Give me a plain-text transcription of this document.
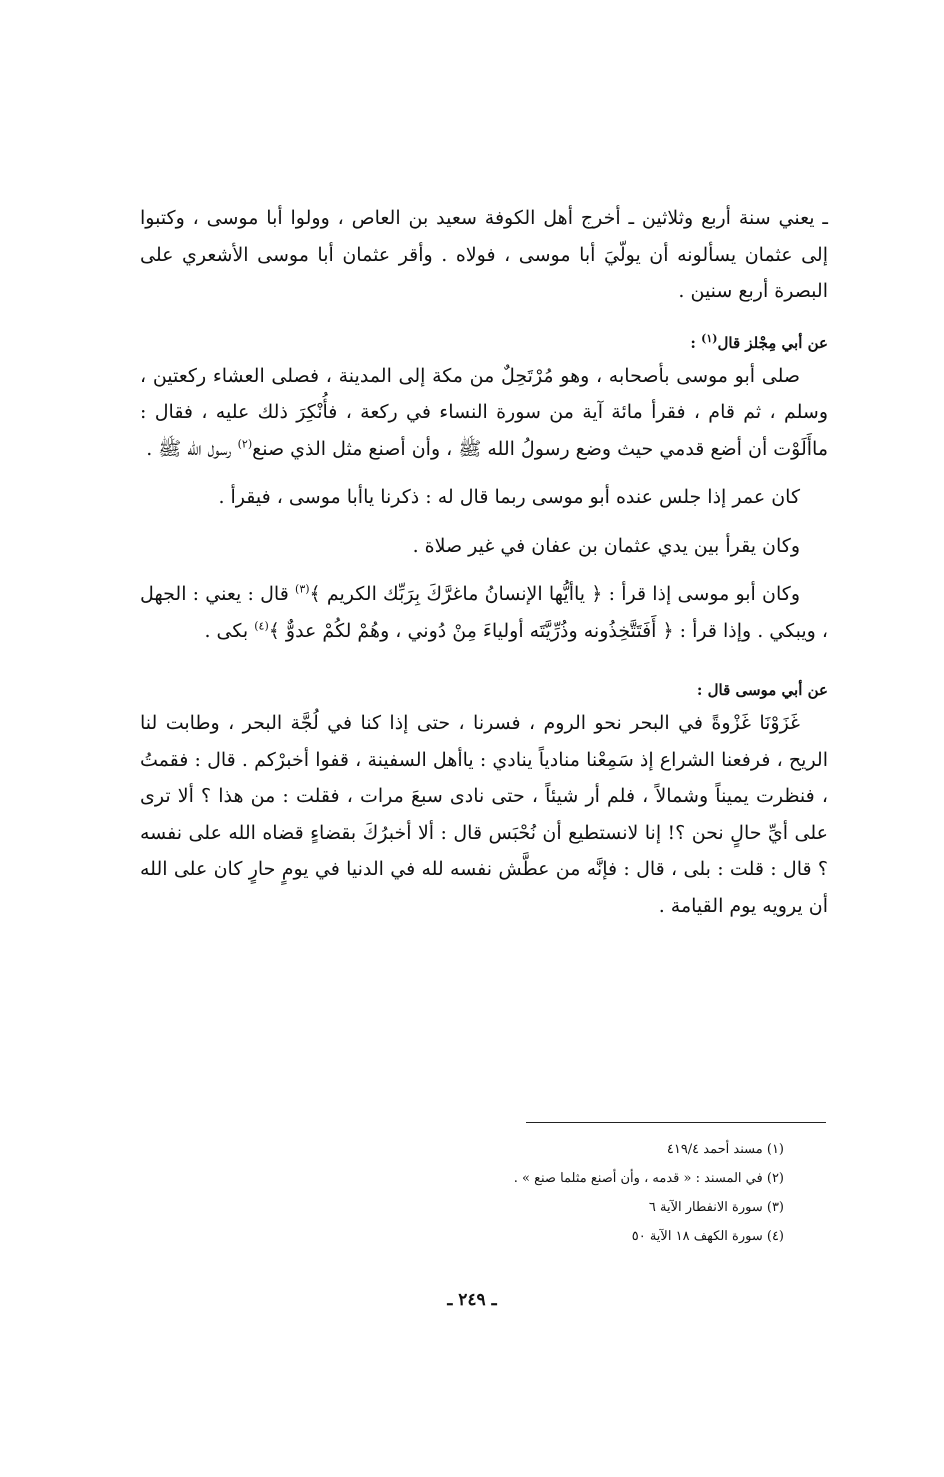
ـ يعني سنة أربع وثلاثين ـ أخرج أهل الكوفة سعيد بن العاص ، وولوا أبا موسى ، وكتبوا إلى عثمان يسألونه أن يولّيَ أبا موسى ، فولاه . وأقر عثمان أبا موسى الأشعري على البصرة أربع سنين .

عن أبي مِجْلز قال$^{(١)}$ :

صلى أبو موسى بأصحابه ، وهو مُرْتَحِلٌ من مكة إلى المدينة ، فصلى العشاء ركعتين ، وسلم ، ثم قام ، فقرأ مائة آية من سورة النساء في ركعة ، فأُنْكِرَ ذلك عليه ، فقال : ماأَلَوْت أن أضع قدمي حيث وضع رسولُ الله ﷺ ، وأن أصنع مثل الذي صنع$^{(٢)}$ رسول الله ﷺ .

كان عمر إذا جلس عنده أبو موسى ربما قال له : ذكرنا ياأبا موسى ، فيقرأ .

وكان يقرأ بين يدي عثمان بن عفان في غير صلاة .

وكان أبو موسى إذا قرأ : ﴿ ياأيُّها الإنسانُ ماغرَّكَ بِرَبِّك الكريم ﴾$^{(٣)}$ قال : يعني : الجهل ، ويبكي . وإذا قرأ : ﴿ أَفَتَتَّخِذُونه وذُرِّيَّتَه أولياءَ مِنْ دُوني ، وهُمْ لكُمْ عدوٌّ ﴾$^{(٤)}$ بكى .

عن أبي موسى قال :

غَزَوْنَا غَزْوةً في البحر نحو الروم ، فسرنا ، حتى إذا كنا في لُجَّة البحر ، وطابت لنا الريح ، فرفعنا الشراع إذ سَمِعْنا منادياً ينادي : ياأهل السفينة ، قفوا أخبرْكم . قال : فقمتُ ، فنظرت يميناً وشمالاً ، فلم أر شيئاً ، حتى نادى سبعَ مرات ، فقلت : من هذا ؟ ألا ترى على أيِّ حالٍ نحن ؟! إنا لانستطيع أن نُحْبَس قال : ألا أخبرُكَ بقضاءٍ قضاه الله على نفسه ؟ قال : قلت : بلى ، قال : فإنَّه من عطَّش نفسه لله في الدنيا في يومٍ حارٍ كان على الله أن يرويه يوم القيامة .

(١) مسند أحمد ٤١٩/٤

(٢) في المسند : « قدمه ، وأن أصنع مثلما صنع » .

(٣) سورة الانفطار الآية ٦

(٤) سورة الكهف ١٨ الآية ٥٠

ـ ٢٤٩ ـ
